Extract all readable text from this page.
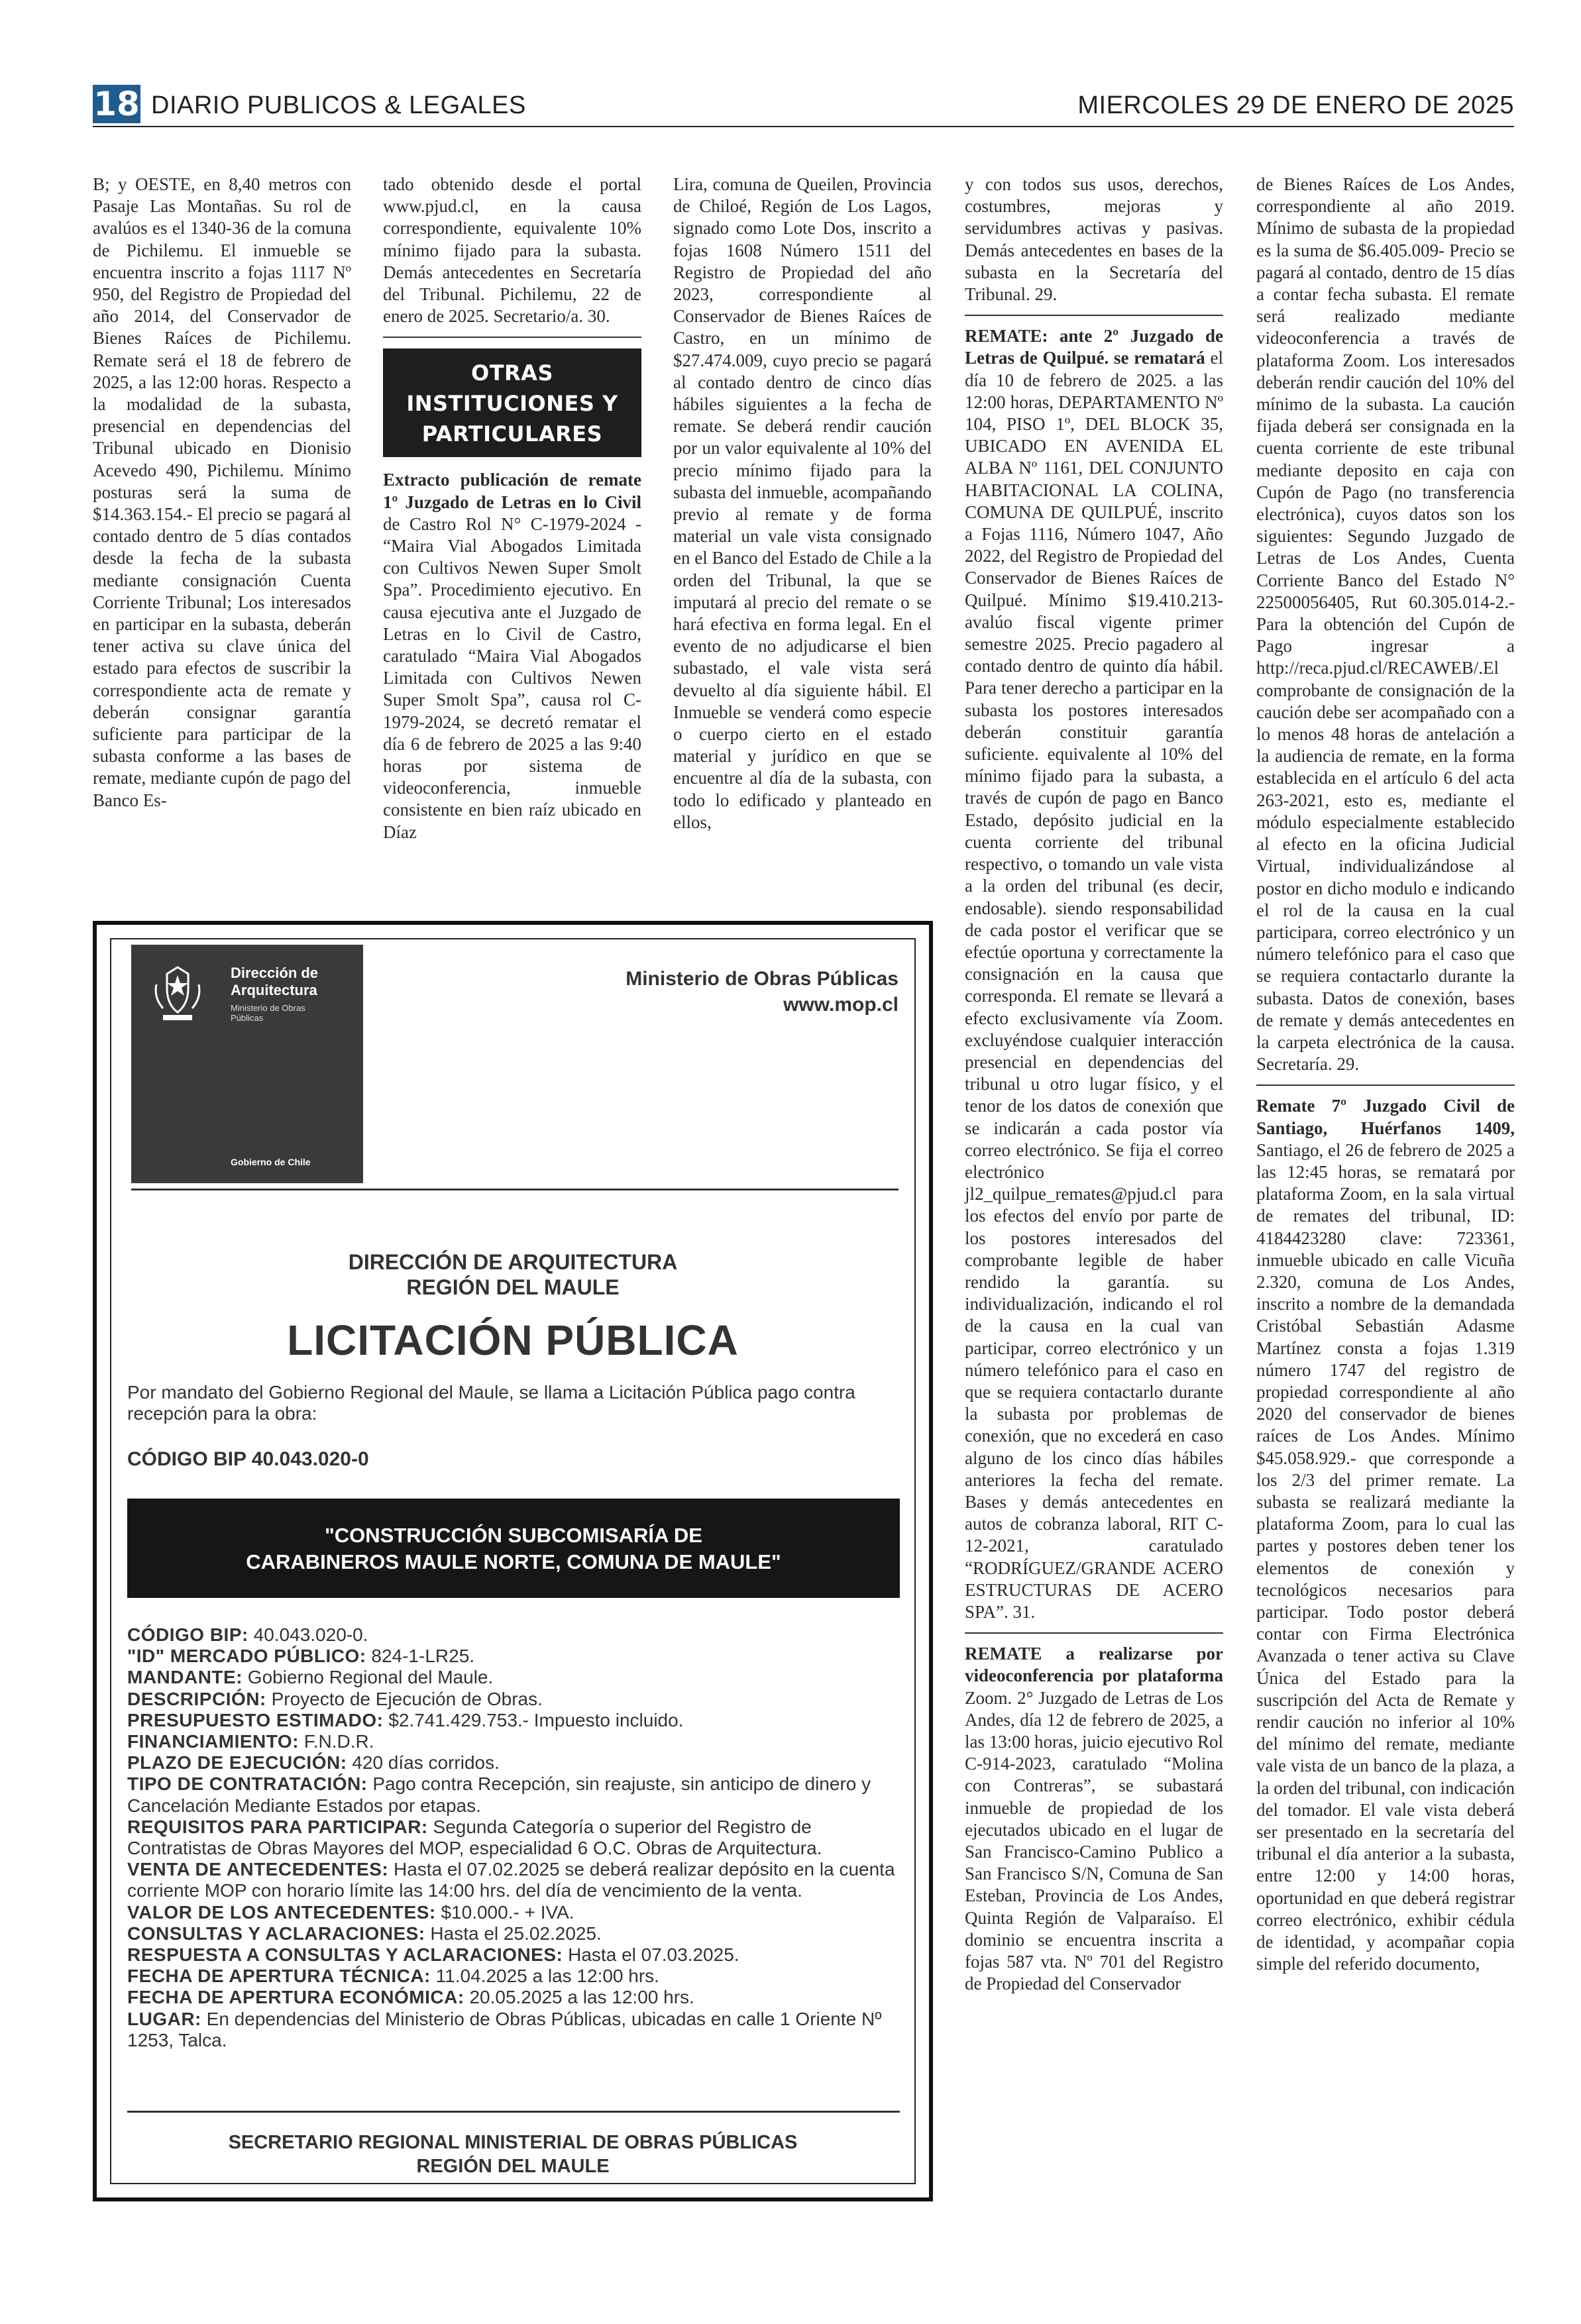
18 DIARIO PUBLICOS & LEGALES	MIERCOLES 29 DE ENERO DE 2025

B; y OESTE, en 8,40 metros con Pasaje Las Montañas. Su rol de avalúos es el 1340-36 de la comuna de Pichilemu. El inmueble se encuentra inscrito a fojas 1117 Nº 950, del Registro de Propiedad del año 2014, del Conservador de Bienes Raíces de Pichilemu. Remate será el 18 de febrero de 2025, a las 12:00 horas. Respecto a la modalidad de la subasta, presencial en dependencias del Tribunal ubicado en Dionisio Acevedo 490, Pichilemu. Mínimo posturas será la suma de $14.363.154.- El precio se pagará al contado dentro de 5 días contados desde la fecha de la subasta mediante consignación Cuenta Corriente Tribunal; Los interesados en participar en la subasta, deberán tener activa su clave única del estado para efectos de suscribir la correspondiente acta de remate y deberán consignar garantía suficiente para participar de la subasta conforme a las bases de remate, mediante cupón de pago del Banco Es-

tado obtenido desde el portal www.pjud.cl, en la causa correspondiente, equivalente 10% mínimo fijado para la subasta. Demás antecedentes en Secretaría del Tribunal. Pichilemu, 22 de enero de 2025. Secretario/a. 30.

OTRAS INSTITUCIONES Y PARTICULARES

Extracto publicación de remate 1º Juzgado de Letras en lo Civil de Castro Rol N° C-1979-2024 - “Maira Vial Abogados Limitada con Cultivos Newen Super Smolt Spa”. Procedimiento ejecutivo. En causa ejecutiva ante el Juzgado de Letras en lo Civil de Castro, caratulado “Maira Vial Abogados Limitada con Cultivos Newen Super Smolt Spa”, causa rol C-1979-2024, se decretó rematar el día 6 de febrero de 2025 a las 9:40 horas por sistema de videoconferencia, inmueble consistente en bien raíz ubicado en Díaz

Lira, comuna de Queilen, Provincia de Chiloé, Región de Los Lagos, signado como Lote Dos, inscrito a fojas 1608 Número 1511 del Registro de Propiedad del año 2023, correspondiente al Conservador de Bienes Raíces de Castro, en un mínimo de $27.474.009, cuyo precio se pagará al contado dentro de cinco días hábiles siguientes a la fecha de remate. Se deberá rendir caución por un valor equivalente al 10% del precio mínimo fijado para la subasta del inmueble, acompañando previo al remate y de forma material un vale vista consignado en el Banco del Estado de Chile a la orden del Tribunal, la que se imputará al precio del remate o se hará efectiva en forma legal. En el evento de no adjudicarse el bien subastado, el vale vista será devuelto al día siguiente hábil. El Inmueble se venderá como especie o cuerpo cierto en el estado material y jurídico en que se encuentre al día de la subasta, con todo lo edificado y planteado en ellos,

y con todos sus usos, derechos, costumbres, mejoras y servidumbres activas y pasivas. Demás antecedentes en bases de la subasta en la Secretaría del Tribunal. 29.

REMATE: ante 2º Juzgado de Letras de Quilpué. se rematará el día 10 de febrero de 2025. a las 12:00 horas, DEPARTAMENTO Nº 104, PISO 1º, DEL BLOCK 35, UBICADO EN AVENIDA EL ALBA Nº 1161, DEL CONJUNTO HABITACIONAL LA COLINA, COMUNA DE QUILPUÉ, inscrito a Fojas 1116, Número 1047, Año 2022, del Registro de Propiedad del Conservador de Bienes Raíces de Quilpué. Mínimo $19.410.213- avalúo fiscal vigente primer semestre 2025. Precio pagadero al contado dentro de quinto día hábil. Para tener derecho a participar en la subasta los postores interesados deberán constituir garantía suficiente. equivalente al 10% del mínimo fijado para la subasta, a través de cupón de pago en Banco Estado, depósito judicial en la cuenta corriente del tribunal respectivo, o tomando un vale vista a la orden del tribunal (es decir, endosable). siendo responsabilidad de cada postor el verificar que se efectúe oportuna y correctamente la consignación en la causa que corresponda. El remate se llevará a efecto exclusivamente vía Zoom. excluyéndose cualquier interacción presencial en dependencias del tribunal u otro lugar físico, y el tenor de los datos de conexión que se indicarán a cada postor vía correo electrónico. Se fija el correo electrónico jl2_quilpue_remates@pjud.cl para los efectos del envío por parte de los postores interesados del comprobante legible de haber rendido la garantía. su individualización, indicando el rol de la causa en la cual van participar, correo electrónico y un número telefónico para el caso en que se requiera contactarlo durante la subasta por problemas de conexión, que no excederá en caso alguno de los cinco días hábiles anteriores la fecha del remate. Bases y demás antecedentes en autos de cobranza laboral, RIT C-12-2021, caratulado “RODRÍGUEZ/GRANDE ACERO ESTRUCTURAS DE ACERO SPA”. 31.

REMATE a realizarse por videoconferencia por plataforma Zoom. 2° Juzgado de Letras de Los Andes, día 12 de febrero de 2025, a las 13:00 horas, juicio ejecutivo Rol C-914-2023, caratulado “Molina con Contreras”, se subastará inmueble de propiedad de los ejecutados ubicado en el lugar de San Francisco-Camino Publico a San Francisco S/N, Comuna de San Esteban, Provincia de Los Andes, Quinta Región de Valparaíso. El dominio se encuentra inscrita a fojas 587 vta. Nº 701 del Registro de Propiedad del Conservador

de Bienes Raíces de Los Andes, correspondiente al año 2019. Mínimo de subasta de la propiedad es la suma de $6.405.009- Precio se pagará al contado, dentro de 15 días a contar fecha subasta. El remate será realizado mediante videoconferencia a través de plataforma Zoom. Los interesados deberán rendir caución del 10% del mínimo de la subasta. La caución fijada deberá ser consignada en la cuenta corriente de este tribunal mediante deposito en caja con Cupón de Pago (no transferencia electrónica), cuyos datos son los siguientes: Segundo Juzgado de Letras de Los Andes, Cuenta Corriente Banco del Estado N° 22500056405, Rut 60.305.014-2.- Para la obtención del Cupón de Pago ingresar a http://reca.pjud.cl/RECAWEB/.El comprobante de consignación de la caución debe ser acompañado con a lo menos 48 horas de antelación a la audiencia de remate, en la forma establecida en el artículo 6 del acta 263-2021, esto es, mediante el módulo especialmente establecido al efecto en la oficina Judicial Virtual, individualizándose al postor en dicho modulo e indicando el rol de la causa en la cual participara, correo electrónico y un número telefónico para el caso que se requiera contactarlo durante la subasta. Datos de conexión, bases de remate y demás antecedentes en la carpeta electrónica de la causa. Secretaría. 29.

Remate 7º Juzgado Civil de Santiago, Huérfanos 1409, Santiago, el 26 de febrero de 2025 a las 12:45 horas, se rematará por plataforma Zoom, en la sala virtual de remates del tribunal, ID: 4184423280 clave: 723361, inmueble ubicado en calle Vicuña 2.320, comuna de Los Andes, inscrito a nombre de la demandada Cristóbal Sebastián Adasme Martínez consta a fojas 1.319 número 1747 del registro de propiedad correspondiente al año 2020 del conservador de bienes raíces de Los Andes. Mínimo $45.058.929.- que corresponde a los 2/3 del primer remate. La subasta se realizará mediante la plataforma Zoom, para lo cual las partes y postores deben tener los elementos de conexión y tecnológicos necesarios para participar. Todo postor deberá contar con Firma Electrónica Avanzada o tener activa su Clave Única del Estado para la suscripción del Acta de Remate y rendir caución no inferior al 10% del mínimo del remate, mediante vale vista de un banco de la plaza, a la orden del tribunal, con indicación del tomador. El vale vista deberá ser presentado en la secretaría del tribunal el día anterior a la subasta, entre 12:00 y 14:00 horas, oportunidad en que deberá registrar correo electrónico, exhibir cédula de identidad, y acompañar copia simple del referido documento,

Dirección de Arquitectura
Ministerio de Obras Públicas
Gobierno de Chile
Ministerio de Obras Públicas
www.mop.cl
DIRECCIÓN DE ARQUITECTURA
REGIÓN DEL MAULE
LICITACIÓN PÚBLICA
Por mandato del Gobierno Regional del Maule, se llama a Licitación Pública pago contra recepción para la obra:
CÓDIGO BIP 40.043.020-0
"CONSTRUCCIÓN SUBCOMISARÍA DE
CARABINEROS MAULE NORTE, COMUNA DE MAULE"

CÓDIGO BIP: 40.043.020-0.

"ID" MERCADO PÚBLICO: 824-1-LR25.

MANDANTE: Gobierno Regional del Maule.

DESCRIPCIÓN: Proyecto de Ejecución de Obras.

PRESUPUESTO ESTIMADO: $2.741.429.753.- Impuesto incluido.

FINANCIAMIENTO: F.N.D.R.

PLAZO DE EJECUCIÓN: 420 días corridos.

TIPO DE CONTRATACIÓN: Pago contra Recepción, sin reajuste, sin anticipo de dinero y Cancelación Mediante Estados por etapas.

REQUISITOS PARA PARTICIPAR: Segunda Categoría o superior del Registro de Contratistas de Obras Mayores del MOP, especialidad 6 O.C. Obras de Arquitectura.

VENTA DE ANTECEDENTES: Hasta el 07.02.2025 se deberá realizar depósito en la cuenta corriente MOP con horario límite las 14:00 hrs. del día de vencimiento de la venta.

VALOR DE LOS ANTECEDENTES: $10.000.- + IVA.

CONSULTAS Y ACLARACIONES: Hasta el 25.02.2025.

RESPUESTA A CONSULTAS Y ACLARACIONES: Hasta el 07.03.2025.

FECHA DE APERTURA TÉCNICA: 11.04.2025 a las 12:00 hrs.

FECHA DE APERTURA ECONÓMICA: 20.05.2025 a las 12:00 hrs.

LUGAR: En dependencias del Ministerio de Obras Públicas, ubicadas en calle 1 Oriente Nº 1253, Talca.

SECRETARIO REGIONAL MINISTERIAL DE OBRAS PÚBLICAS
REGIÓN DEL MAULE
